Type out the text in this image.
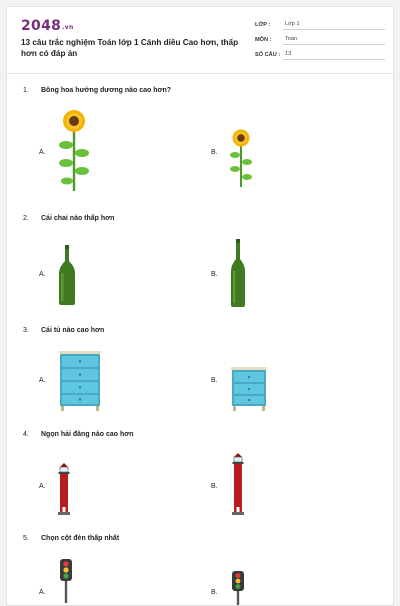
2048.vn
13 câu trắc nghiệm Toán lớp 1 Cánh diều Cao hơn, thấp hơn có đáp án
LỚP :	Lớp 1
MÔN :	Toán
SỐ CÂU : 13
1.	Bông hoa hướng dương nào cao hơn?
A.	B.
2.	Cái chai nào thấp hơn
A.	B.
3.	Cái tủ nào cao hơn
A.	B.
4.	Ngọn hải đăng nào cao hơn
A.	B.
5.	Chọn cột đèn thấp nhất
A.	B.
